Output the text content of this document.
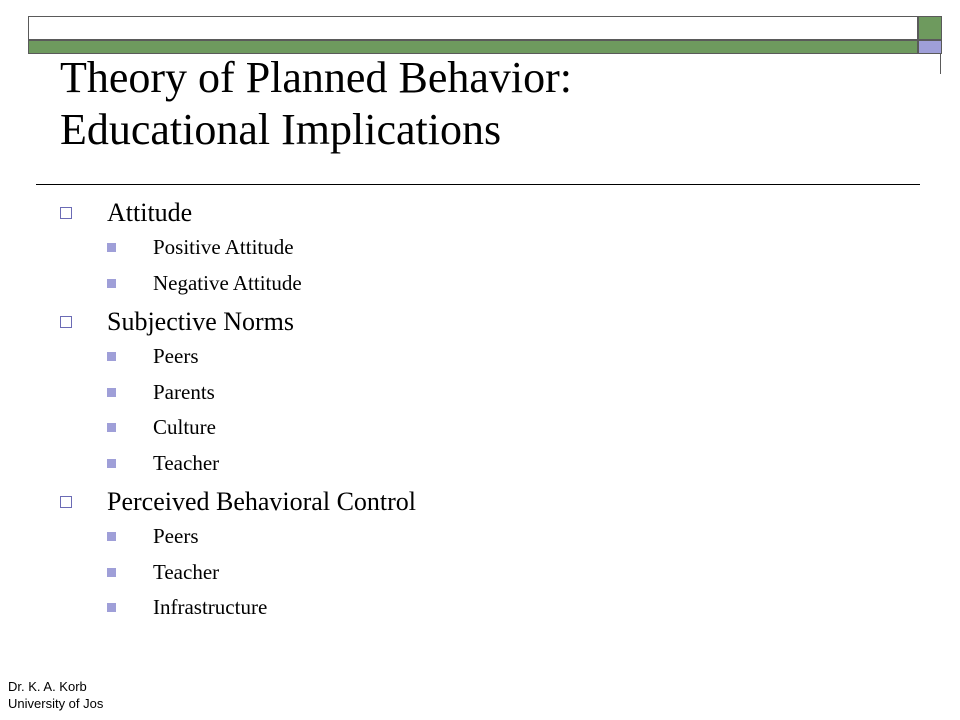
Theory of Planned Behavior:
Educational Implications
Attitude
Positive Attitude
Negative Attitude
Subjective Norms
Peers
Parents
Culture
Teacher
Perceived Behavioral Control
Peers
Teacher
Infrastructure
Dr. K. A. Korb
University of Jos
